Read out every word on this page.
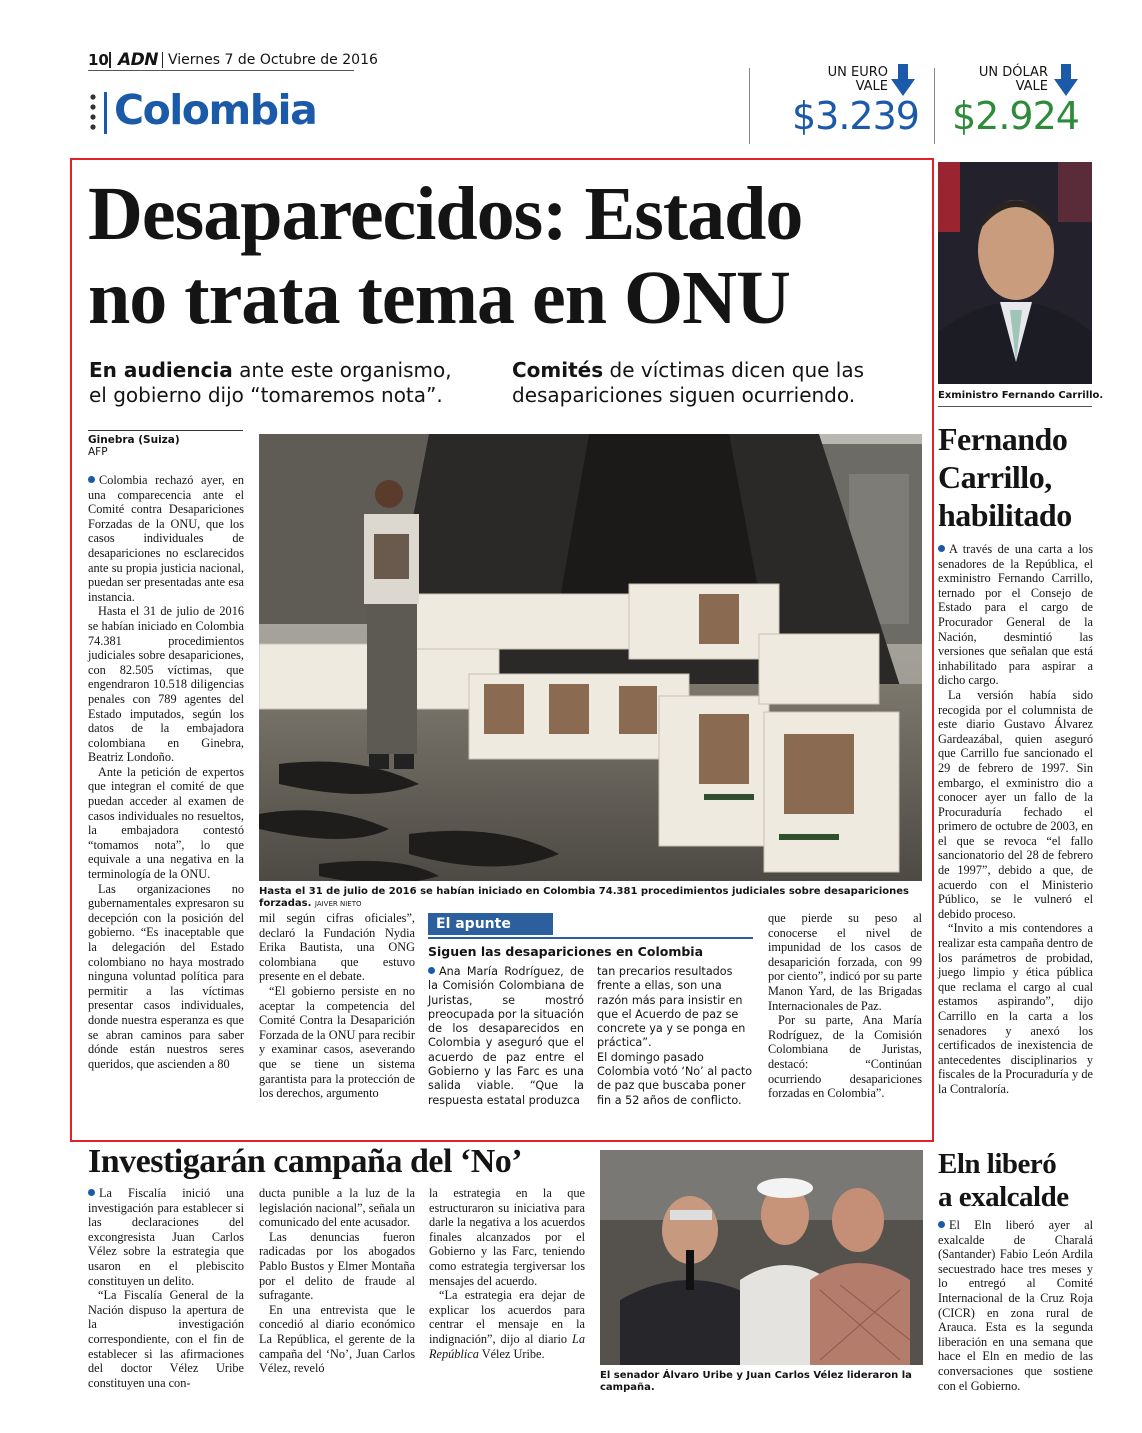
10 ADN Viernes 7 de Octubre de 2016
Colombia
UN EURO
VALE
$3.239
UN DÓLAR
VALE
$2.924
Desaparecidos: Estado
no trata tema en ONU
En audiencia ante este organismo,
el gobierno dijo “tomaremos nota”.
Comités de víctimas dicen que las
desapariciones siguen ocurriendo.
Ginebra (Suiza)
AFP

Colombia rechazó ayer, en una comparecencia ante el Comité contra Desapariciones Forzadas de la ONU, que los casos individuales de desapariciones no esclarecidos ante su propia justicia nacional, puedan ser presentadas ante esa instancia.

Hasta el 31 de julio de 2016 se habían iniciado en Colombia 74.381 procedimientos judiciales sobre desapariciones, con 82.505 víctimas, que engendraron 10.518 diligencias penales con 789 agentes del Estado imputados, según los datos de la embajadora colombiana en Ginebra, Beatriz Londoño.

Ante la petición de expertos que integran el comité de que puedan acceder al examen de casos individuales no resueltos, la embajadora contestó “tomamos nota”, lo que equivale a una negativa en la terminología de la ONU.

Las organizaciones no gubernamentales expresaron su decepción con la posición del gobierno. “Es inaceptable que la delegación del Estado colombiano no haya mostrado ninguna voluntad política para permitir a las víctimas presentar casos individuales, donde nuestra esperanza es que se abran caminos para saber dónde están nuestros seres queridos, que ascienden a 80

Hasta el 31 de julio de 2016 se habían iniciado en Colombia 74.381 procedimientos judiciales sobre desapariciones forzadas. JAIVER NIETO

mil según cifras oficiales”, declaró la Fundación Nydia Erika Bautista, una ONG colombiana que estuvo presente en el debate.

“El gobierno persiste en no aceptar la competencia del Comité Contra la Desaparición Forzada de la ONU para recibir y examinar casos, aseverando que se tiene un sistema garantista para la protección de los derechos, argumento

El apunte
Siguen las desapariciones en Colombia

Ana María Rodríguez, de la Comisión Colombiana de Juristas, se mostró preocupada por la situación de los desaparecidos en Colombia y aseguró que el acuerdo de paz entre el Gobierno y las Farc es una salida viable. “Que la respuesta estatal produzca

tan precarios resultados frente a ellas, son una razón más para insistir en que el Acuerdo de paz se concrete ya y se ponga en práctica”.

El domingo pasado Colombia votó ‘No’ al pacto de paz que buscaba poner fin a 52 años de conflicto.

que pierde su peso al conocerse el nivel de impunidad de los casos de desaparición forzada, con 99 por ciento”, indicó por su parte Manon Yard, de las Brigadas Internacionales de Paz.

Por su parte, Ana María Rodríguez, de la Comisión Colombiana de Juristas, destacó: “Continúan ocurriendo desapariciones forzadas en Colombia”.

Exministro Fernando Carrillo.
Fernando
Carrillo,
habilitado

A través de una carta a los senadores de la República, el exministro Fernando Carrillo, ternado por el Consejo de Estado para el cargo de Procurador General de la Nación, desmintió las versiones que señalan que está inhabilitado para aspirar a dicho cargo.

La versión había sido recogida por el columnista de este diario Gustavo Álvarez Gardeazábal, quien aseguró que Carrillo fue sancionado el 29 de febrero de 1997. Sin embargo, el exministro dio a conocer ayer un fallo de la Procuraduría fechado el primero de octubre de 2003, en el que se revoca “el fallo sancionatorio del 28 de febrero de 1997”, debido a que, de acuerdo con el Ministerio Público, se le vulneró el debido proceso.

“Invito a mis contendores a realizar esta campaña dentro de los parámetros de probidad, juego limpio y ética pública que reclama el cargo al cual estamos aspirando”, dijo Carrillo en la carta a los senadores y anexó los certificados de inexistencia de antecedentes disciplinarios y fiscales de la Procuraduría y de la Contraloría.

Investigarán campaña del ‘No’

La Fiscalía inició una investigación para establecer si las declaraciones del excongresista Juan Carlos Vélez sobre la estrategia que usaron en el plebiscito constituyen un delito.

“La Fiscalía General de la Nación dispuso la apertura de la investigación correspondiente, con el fin de establecer si las afirmaciones del doctor Vélez Uribe constituyen una con-

ducta punible a la luz de la legislación nacional”, señala un comunicado del ente acusador.

Las denuncias fueron radicadas por los abogados Pablo Bustos y Elmer Montaña por el delito de fraude al sufragante.

En una entrevista que le concedió al diario económico La República, el gerente de la campaña del ‘No’, Juan Carlos Vélez, reveló

la estrategia en la que estructuraron su iniciativa para darle la negativa a los acuerdos finales alcanzados por el Gobierno y las Farc, teniendo como estrategia tergiversar los mensajes del acuerdo.

“La estrategia era dejar de explicar los acuerdos para centrar el mensaje en la indignación”, dijo al diario La República Vélez Uribe.

El senador Álvaro Uribe y Juan Carlos Vélez lideraron la campaña.
Eln liberó
a exalcalde

El Eln liberó ayer al exalcalde de Charalá (Santander) Fabio León Ardila secuestrado hace tres meses y lo entregó al Comité Internacional de la Cruz Roja (CICR) en zona rural de Arauca. Esta es la segunda liberación en una semana que hace el Eln en medio de las conversaciones que sostiene con el Gobierno.
